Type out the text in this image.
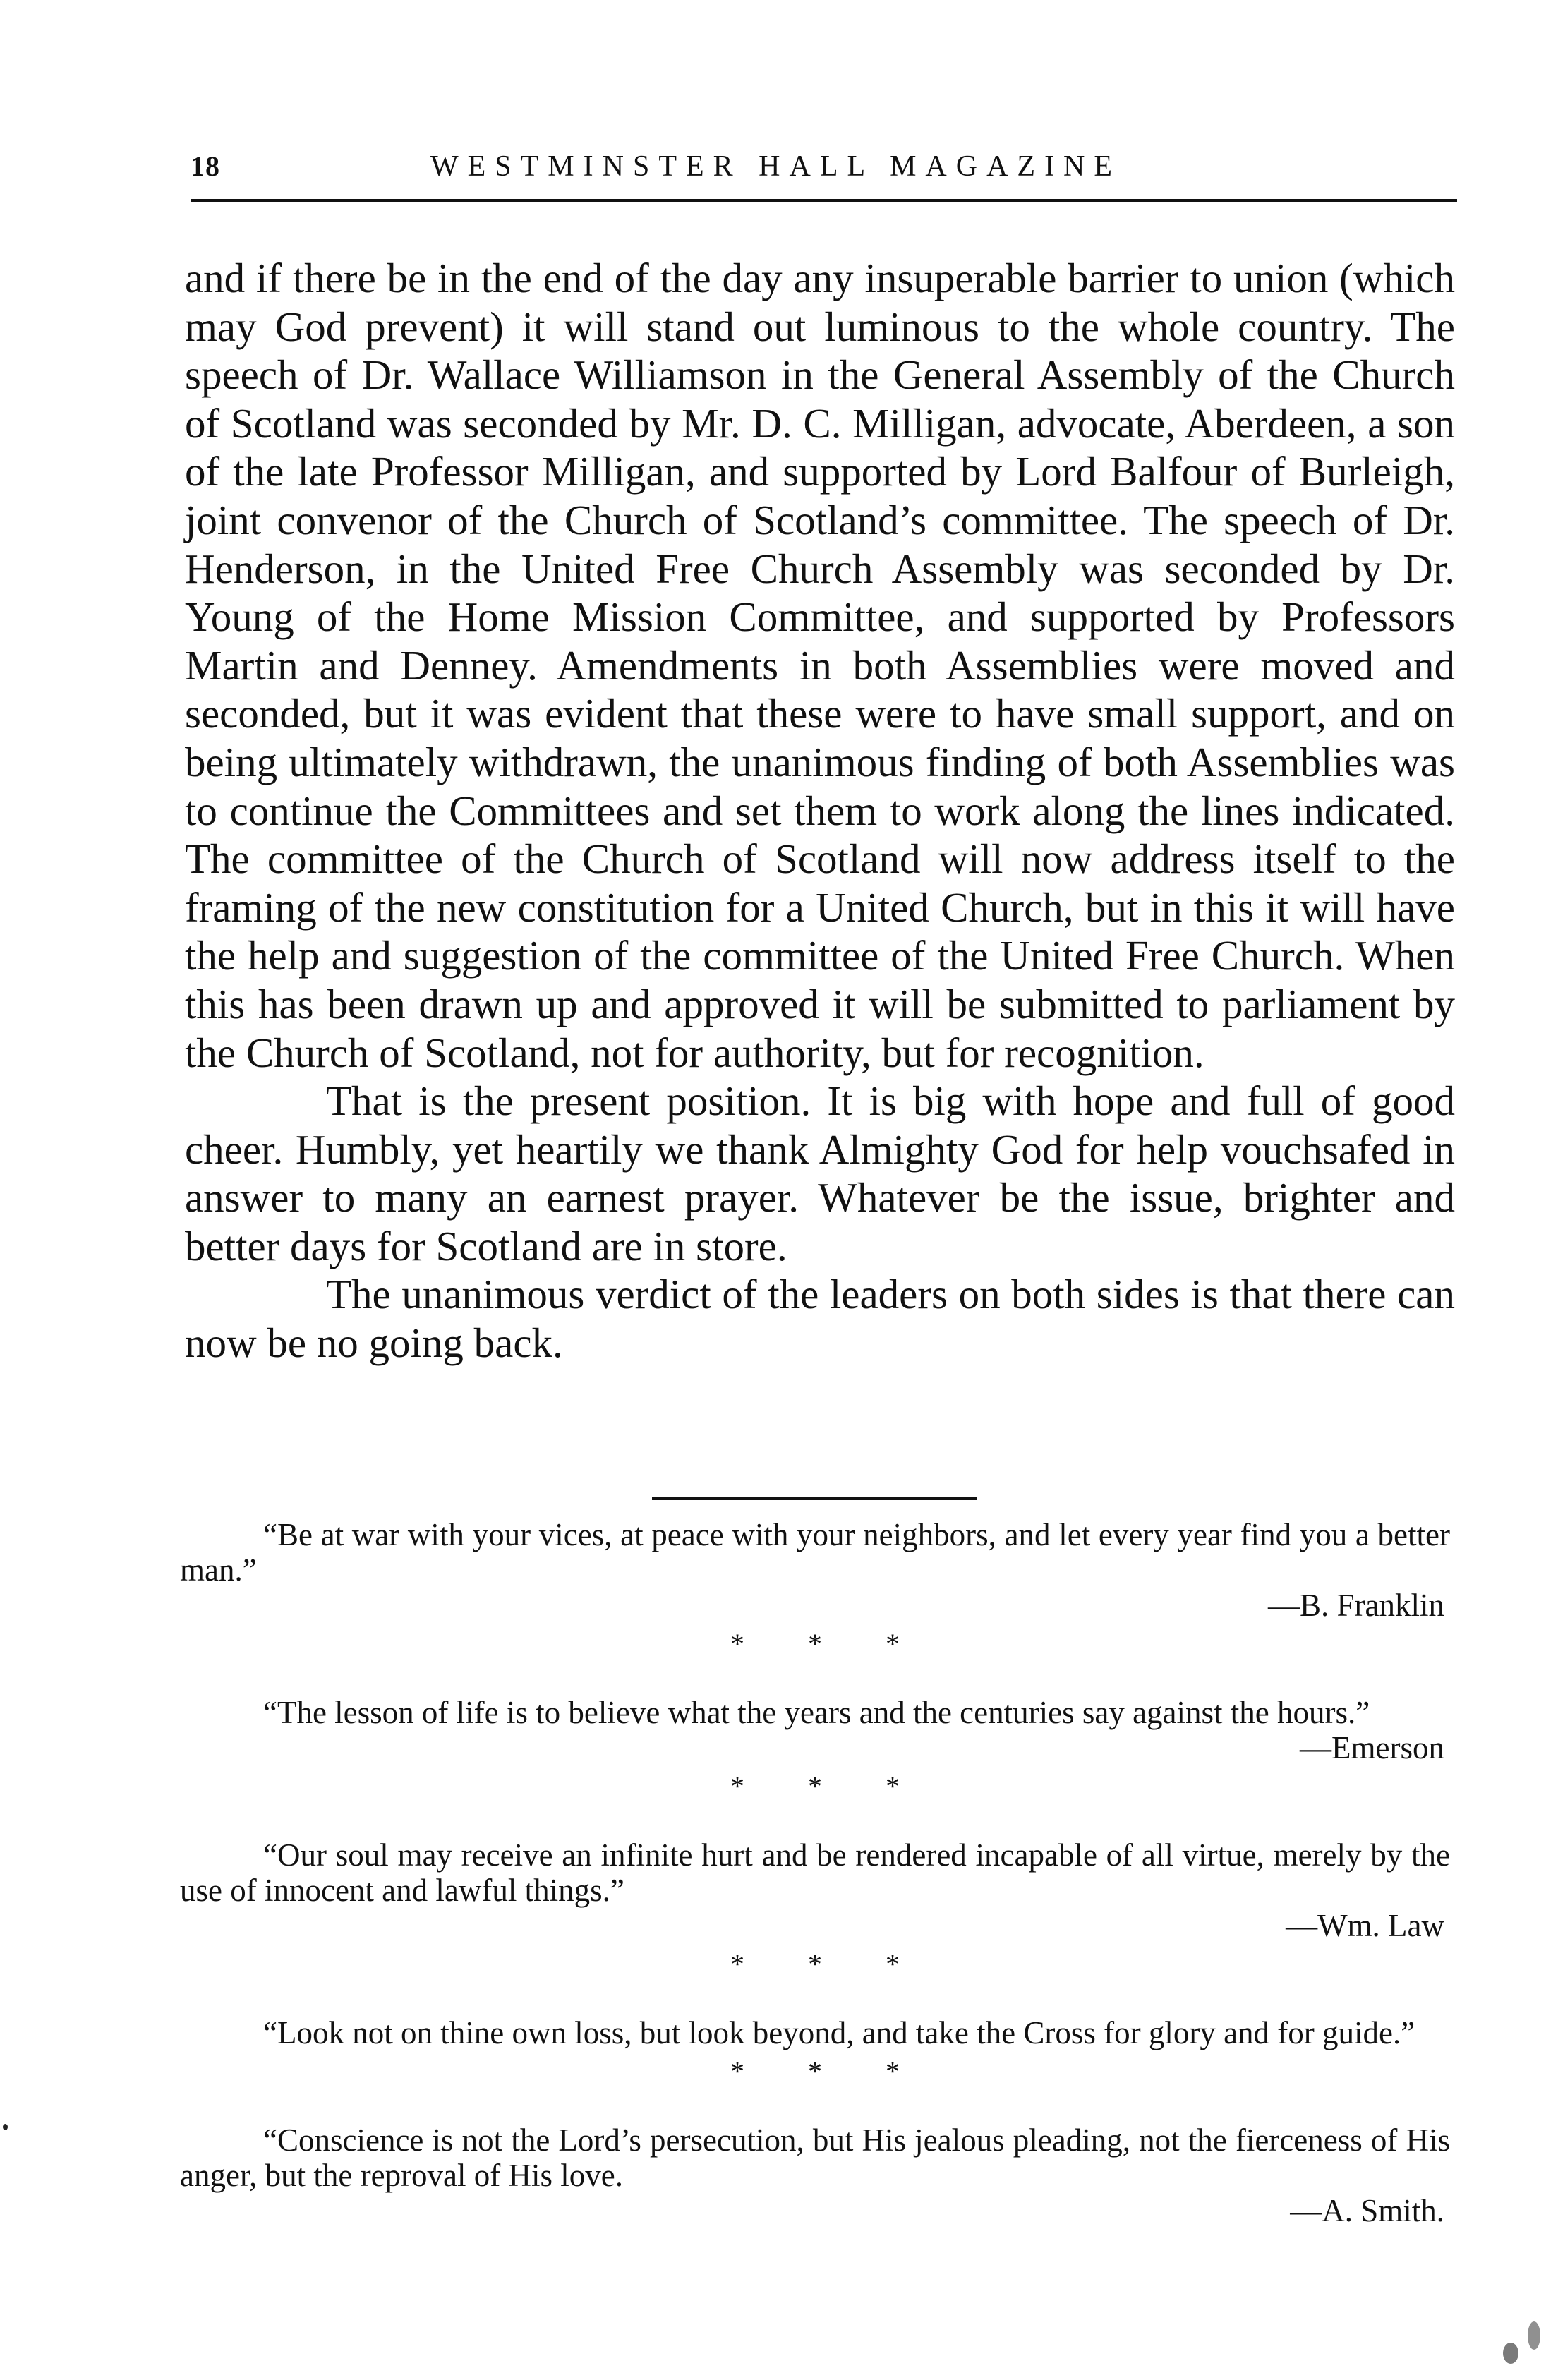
18	WESTMINSTER HALL MAGAZINE

and if there be in the end of the day any insuperable barrier to union (which may God prevent) it will stand out luminous to the whole country. The speech of Dr. Wallace Williamson in the General Assembly of the Church of Scotland was seconded by Mr. D. C. Milligan, advocate, Aberdeen, a son of the late Professor Milligan, and supported by Lord Balfour of Burleigh, joint convenor of the Church of Scotland’s committee. The speech of Dr. Henderson, in the United Free Church Assembly was seconded by Dr. Young of the Home Mission Committee, and supported by Professors Martin and Denney. Amendments in both Assemblies were moved and seconded, but it was evident that these were to have small support, and on being ultimately withdrawn, the unanimous finding of both Assemblies was to continue the Committees and set them to work along the lines indicated. The committee of the Church of Scotland will now address itself to the framing of the new constitution for a United Church, but in this it will have the help and suggestion of the committee of the United Free Church. When this has been drawn up and approved it will be submitted to parliament by the Church of Scotland, not for authority, but for recognition.

That is the present position. It is big with hope and full of good cheer. Humbly, yet heartily we thank Almighty God for help vouchsafed in answer to many an earnest prayer. Whatever be the issue, brighter and better days for Scotland are in store.

The unanimous verdict of the leaders on both sides is that there can now be no going back.

“Be at war with your vices, at peace with your neighbors, and let every year find you a better man.”

—B. Franklin

* * *

“The lesson of life is to believe what the years and the centuries say against the hours.”

—Emerson

* * *

“Our soul may receive an infinite hurt and be rendered incapable of all virtue, merely by the use of innocent and lawful things.”

—Wm. Law

* * *

“Look not on thine own loss, but look beyond, and take the Cross for glory and for guide.”

* * *

“Conscience is not the Lord’s persecution, but His jealous pleading, not the fierceness of His anger, but the reproval of His love.

—A. Smith.
